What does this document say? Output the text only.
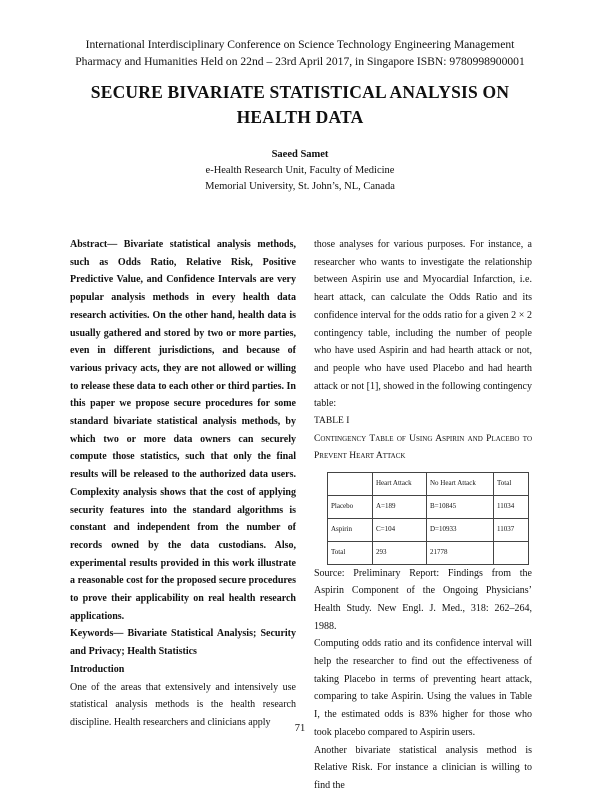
International Interdisciplinary Conference on Science Technology Engineering Management
Pharmacy and Humanities Held on 22nd – 23rd April 2017, in Singapore ISBN: 9780998900001
SECURE BIVARIATE STATISTICAL ANALYSIS ON
HEALTH DATA
Saeed Samet
e-Health Research Unit, Faculty of Medicine
Memorial University, St. John’s, NL, Canada

Abstract— Bivariate statistical analysis methods, such as Odds Ratio, Relative Risk, Positive Predictive Value, and Confidence Intervals are very popular analysis methods in every health data research activities. On the other hand, health data is usually gathered and stored by two or more parties, even in different jurisdictions, and because of various privacy acts, they are not allowed or willing to release these data to each other or third parties. In this paper we propose secure procedures for some standard bivariate statistical analysis methods, by which two or more data owners can securely compute those statistics, such that only the final results will be released to the authorized data users. Complexity analysis shows that the cost of applying security features into the standard algorithms is constant and independent from the number of records owned by the data custodians. Also, experimental results provided in this work illustrate a reasonable cost for the proposed secure procedures to prove their applicability on real health research applications.

Keywords— Bivariate Statistical Analysis; Security and Privacy; Health Statistics

Introduction

One of the areas that extensively and intensively use statistical analysis methods is the health research discipline. Health researchers and clinicians apply

those analyses for various purposes. For instance, a researcher who wants to investigate the relationship between Aspirin use and Myocardial Infarction, i.e. heart attack, can calculate the Odds Ratio and its confidence interval for the odds ratio for a given 2 × 2 contingency table, including the number of people who have used Aspirin and had hearth attack or not, and people who have used Placebo and had hearth attack or not [1], showed in the following contingency table:

TABLE I

Contingency Table of Using Aspirin and Placebo to Prevent Heart Attack

	Heart Attack	No Heart Attack	Total
Placebo	A=189	B=10845	11034
Aspirin	C=104	D=10933	11037
Total	293	21778	

Source: Preliminary Report: Findings from the Aspirin Component of the Ongoing Physicians’ Health Study. New Engl. J. Med., 318: 262–264, 1988.

Computing odds ratio and its confidence interval will help the researcher to find out the effectiveness of taking Placebo in terms of preventing heart attack, comparing to take Aspirin. Using the values in Table I, the estimated odds is 83% higher for those who took placebo compared to Aspirin users.

Another bivariate statistical analysis method is Relative Risk. For instance a clinician is willing to find the

71
